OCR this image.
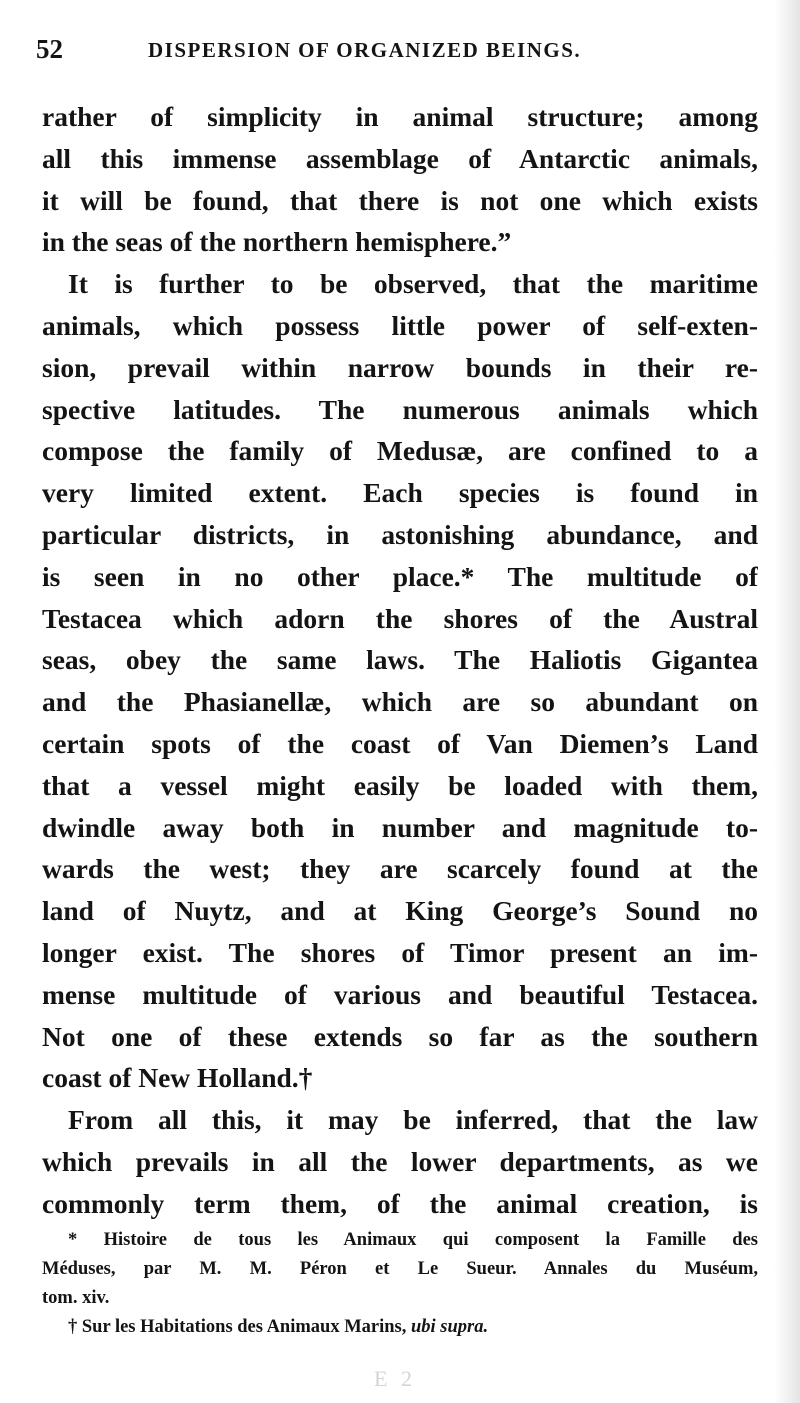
52	DISPERSION OF ORGANIZED BEINGS.
rather of simplicity in animal structure; among
all this immense assemblage of Antarctic animals,
it will be found, that there is not one which exists
in the seas of the northern hemisphere.”
It is further to be observed, that the maritime
animals, which possess little power of self-exten-
sion, prevail within narrow bounds in their re-
spective latitudes. The numerous animals which
compose the family of Medusæ, are confined to a
very limited extent. Each species is found in
particular districts, in astonishing abundance, and
is seen in no other place.* The multitude of
Testacea which adorn the shores of the Austral
seas, obey the same laws. The Haliotis Gigantea
and the Phasianellæ, which are so abundant on
certain spots of the coast of Van Diemen’s Land
that a vessel might easily be loaded with them,
dwindle away both in number and magnitude to-
wards the west; they are scarcely found at the
land of Nuytz, and at King George’s Sound no
longer exist. The shores of Timor present an im-
mense multitude of various and beautiful Testacea.
Not one of these extends so far as the southern
coast of New Holland.†
From all this, it may be inferred, that the law
which prevails in all the lower departments, as we
commonly term them, of the animal creation, is
* Histoire de tous les Animaux qui composent la Famille des
Méduses, par M. M. Péron et Le Sueur. Annales du Muséum,
tom. xiv.
† Sur les Habitations des Animaux Marins, ubi supra.
E 2
